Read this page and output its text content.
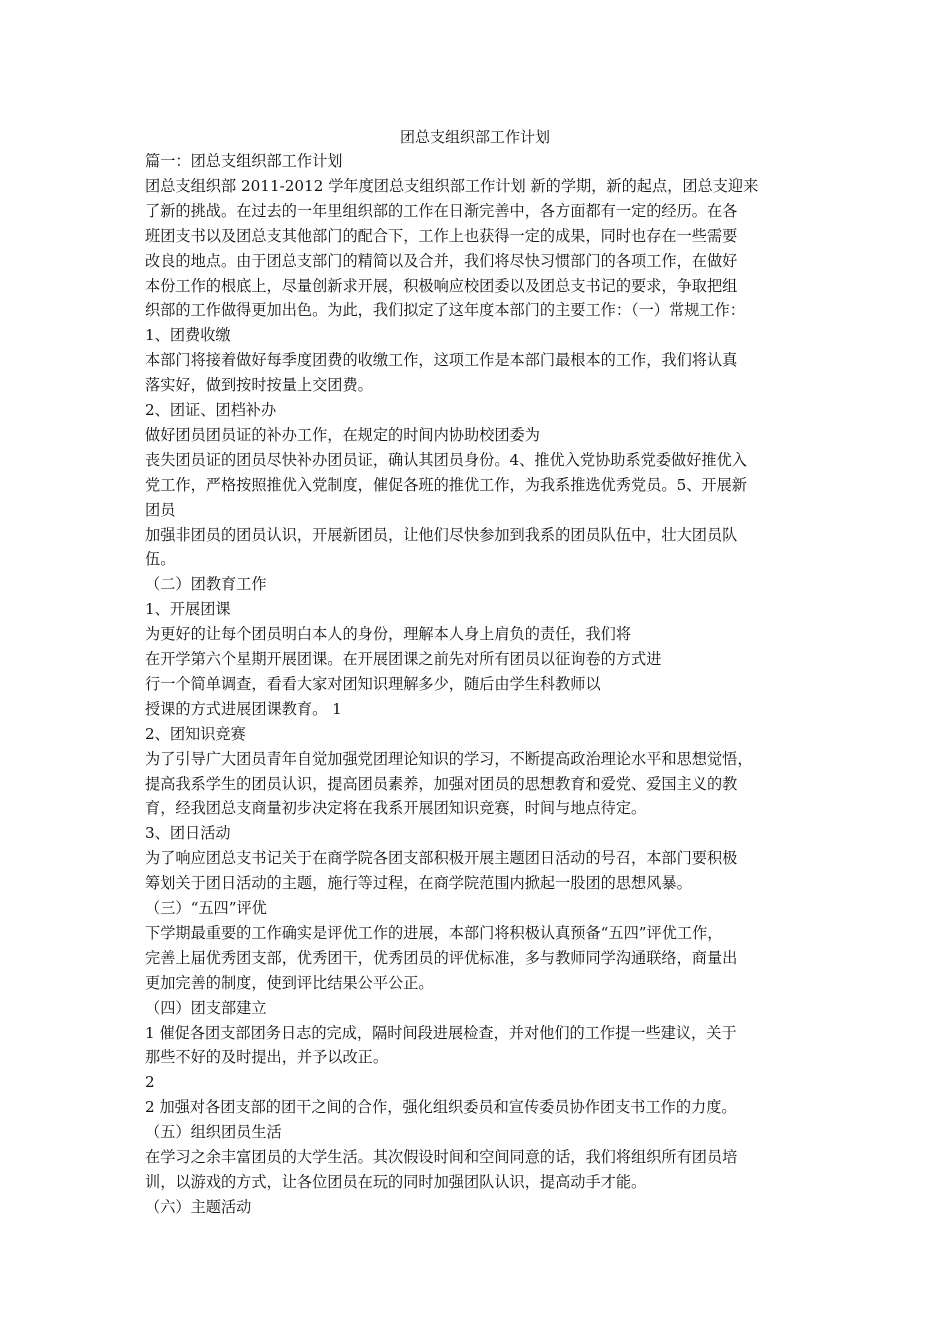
团总支组织部工作计划
篇一：团总支组织部工作计划
团总支组织部 2011-2012 学年度团总支组织部工作计划 新的学期，新的起点，团总支迎来
了新的挑战。在过去的一年里组织部的工作在日渐完善中，各方面都有一定的经历。在各
班团支书以及团总支其他部门的配合下，工作上也获得一定的成果，同时也存在一些需要
改良的地点。由于团总支部门的精简以及合并，我们将尽快习惯部门的各项工作，在做好
本份工作的根底上，尽量创新求开展，积极响应校团委以及团总支书记的要求，争取把组
织部的工作做得更加出色。为此，我们拟定了这年度本部门的主要工作：（一）常规工作：
1、团费收缴
本部门将接着做好每季度团费的收缴工作，这项工作是本部门最根本的工作，我们将认真
落实好，做到按时按量上交团费。
2、团证、团档补办
做好团员团员证的补办工作，在规定的时间内协助校团委为
丧失团员证的团员尽快补办团员证，确认其团员身份。4、推优入党协助系党委做好推优入
党工作，严格按照推优入党制度，催促各班的推优工作，为我系推选优秀党员。5、开展新
团员
加强非团员的团员认识，开展新团员，让他们尽快参加到我系的团员队伍中，壮大团员队
伍。
（二）团教育工作
1、开展团课
为更好的让每个团员明白本人的身份，理解本人身上肩负的责任，我们将
在开学第六个星期开展团课。在开展团课之前先对所有团员以征询卷的方式进
行一个简单调查，看看大家对团知识理解多少，随后由学生科教师以
授课的方式进展团课教育。 1
2、团知识竞赛
为了引导广大团员青年自觉加强党团理论知识的学习，不断提高政治理论水平和思想觉悟，
提高我系学生的团员认识，提高团员素养，加强对团员的思想教育和爱党、爱国主义的教
育，经我团总支商量初步决定将在我系开展团知识竞赛，时间与地点待定。
3、团日活动
为了响应团总支书记关于在商学院各团支部积极开展主题团日活动的号召，本部门要积极
筹划关于团日活动的主题，施行等过程，在商学院范围内掀起一股团的思想风暴。
（三）“五四”评优
下学期最重要的工作确实是评优工作的进展，本部门将积极认真预备“五四”评优工作，
完善上届优秀团支部，优秀团干，优秀团员的评优标准，多与教师同学沟通联络，商量出
更加完善的制度，使到评比结果公平公正。
（四）团支部建立
1 催促各团支部团务日志的完成，隔时间段进展检查，并对他们的工作提一些建议，关于
那些不好的及时提出，并予以改正。
2
2 加强对各团支部的团干之间的合作，强化组织委员和宣传委员协作团支书工作的力度。
（五）组织团员生活
在学习之余丰富团员的大学生活。其次假设时间和空间同意的话，我们将组织所有团员培
训，以游戏的方式，让各位团员在玩的同时加强团队认识，提高动手才能。
（六）主题活动
